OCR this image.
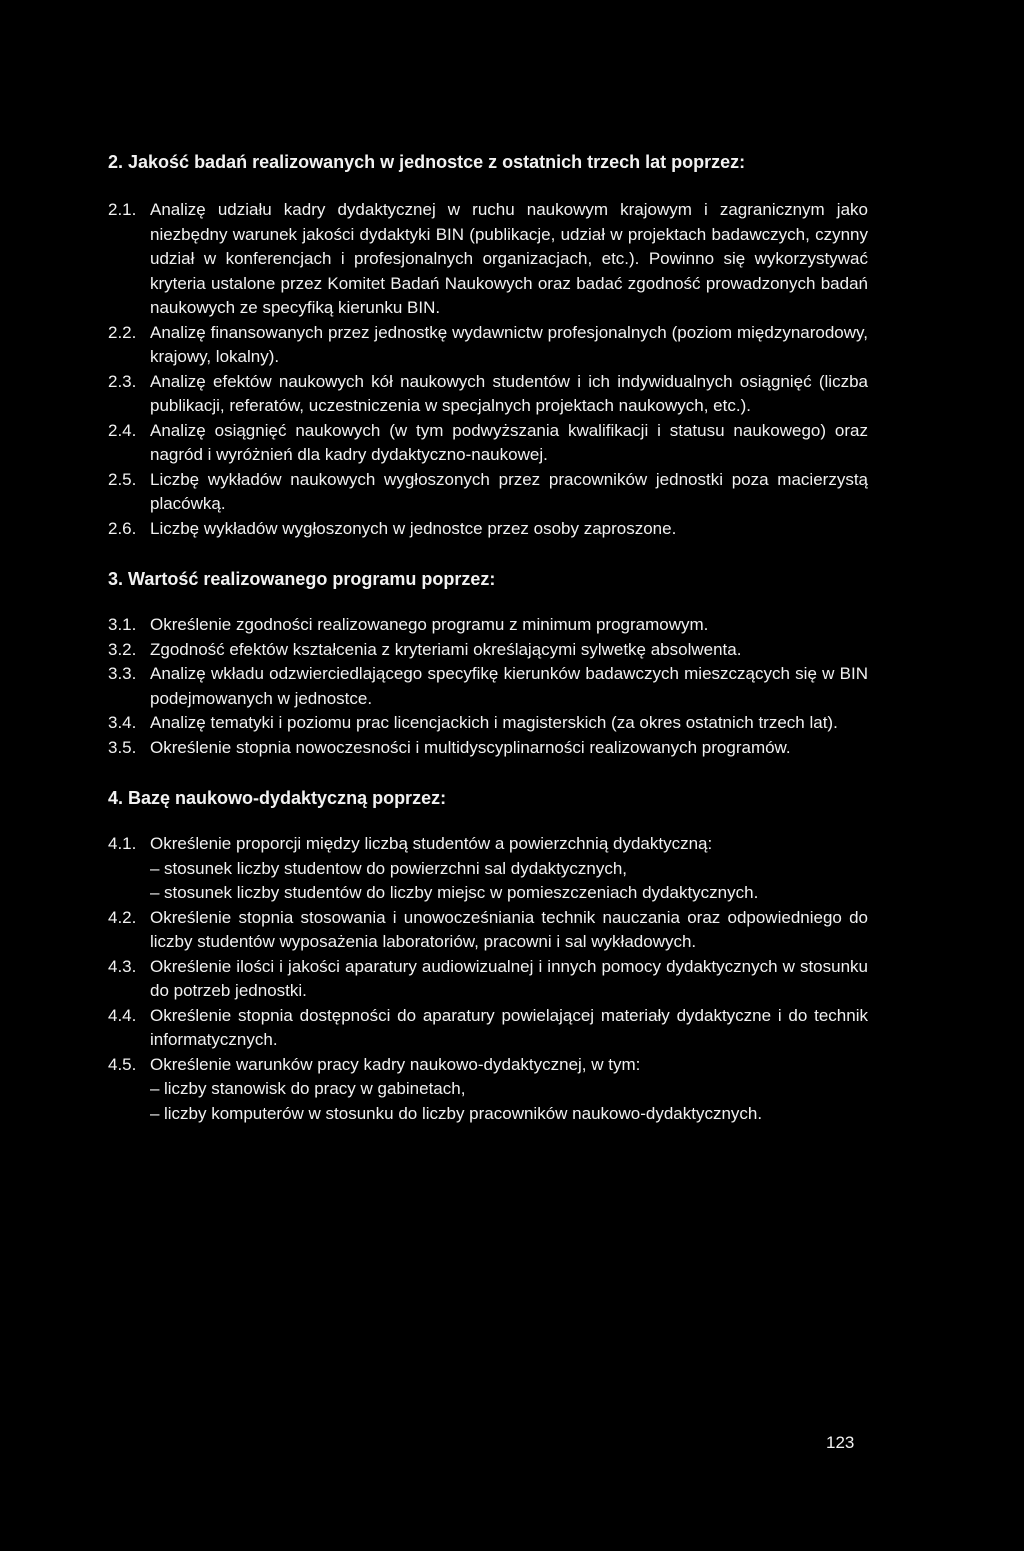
2. Jakość badań realizowanych w jednostce z ostatnich trzech lat poprzez:

2.1. Analizę udziału kadry dydaktycznej w ruchu naukowym krajowym i zagranicznym jako niezbędny warunek jakości dydaktyki BIN (publikacje, udział w projektach badawczych, czynny udział w konferencjach i profesjonalnych organizacjach, etc.). Powinno się wykorzystywać kryteria ustalone przez Komitet Badań Naukowych oraz badać zgodność prowadzonych badań naukowych ze specyfiką kierunku BIN.
2.2. Analizę finansowanych przez jednostkę wydawnictw profesjonalnych (poziom międzynarodowy, krajowy, lokalny).
2.3. Analizę efektów naukowych kół naukowych studentów i ich indywidualnych osiągnięć (liczba publikacji, referatów, uczestniczenia w specjalnych projektach naukowych, etc.).
2.4. Analizę osiągnięć naukowych (w tym podwyższania kwalifikacji i statusu naukowego) oraz nagród i wyróżnień dla kadry dydaktyczno-naukowej.
2.5. Liczbę wykładów naukowych wygłoszonych przez pracowników jednostki poza macierzystą placówką.
2.6. Liczbę wykładów wygłoszonych w jednostce przez osoby zaproszone.

3. Wartość realizowanego programu poprzez:

3.1. Określenie zgodności realizowanego programu z minimum programowym.
3.2. Zgodność efektów kształcenia z kryteriami określającymi sylwetkę absolwenta.
3.3. Analizę wkładu odzwierciedlającego specyfikę kierunków badawczych mieszczących się w BIN podejmowanych w jednostce.
3.4. Analizę tematyki i poziomu prac licencjackich i magisterskich (za okres ostatnich trzech lat).
3.5. Określenie stopnia nowoczesności i multidyscyplinarności realizowanych programów.

4. Bazę naukowo-dydaktyczną poprzez:

4.1. Określenie proporcji między liczbą studentów a powierzchnią dydaktyczną:
– stosunek liczby studentow do powierzchni sal dydaktycznych,
– stosunek liczby studentów do liczby miejsc w pomieszczeniach dydaktycznych.
4.2. Określenie stopnia stosowania i unowocześniania technik nauczania oraz odpowiedniego do liczby studentów wyposażenia laboratoriów, pracowni i sal wykładowych.
4.3. Określenie ilości i jakości aparatury audiowizualnej i innych pomocy dydaktycznych w stosunku do potrzeb jednostki.
4.4. Określenie stopnia dostępności do aparatury powielającej materiały dydaktyczne i do technik informatycznych.
4.5. Określenie warunków pracy kadry naukowo-dydaktycznej, w tym:
– liczby stanowisk do pracy w gabinetach,
– liczby komputerów w stosunku do liczby pracowników naukowo-dydaktycznych.
123
